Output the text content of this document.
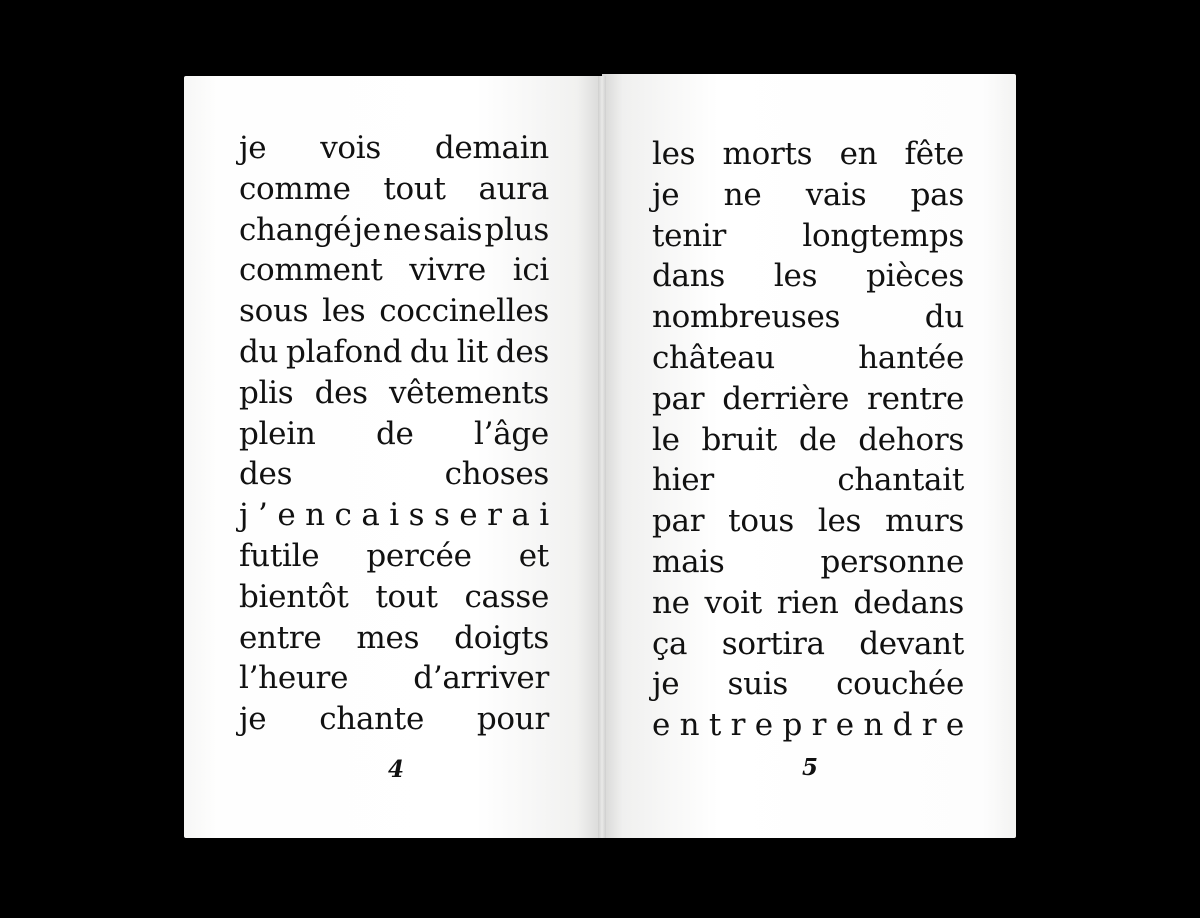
je vois demain
comme tout aura
changé je ne sais plus
comment vivre ici
sous les coccinelles
du plafond du lit des
plis des vêtements
plein de l’âge
des	choses
j ’ e n c a i s s e r a i
futile percée et
bientôt tout casse
entre mes doigts
l’heure d’arriver
je chante pour
4
les morts en fête
je ne vais pas
tenir longtemps
dans les pièces
nombreuses	du
château	hantée
par derrière rentre
le bruit de dehors
hier	chantait
par tous les murs
mais	personne
ne voit rien dedans
ça sortira devant
je suis couchée
e n t r e p r e n d r e
5
